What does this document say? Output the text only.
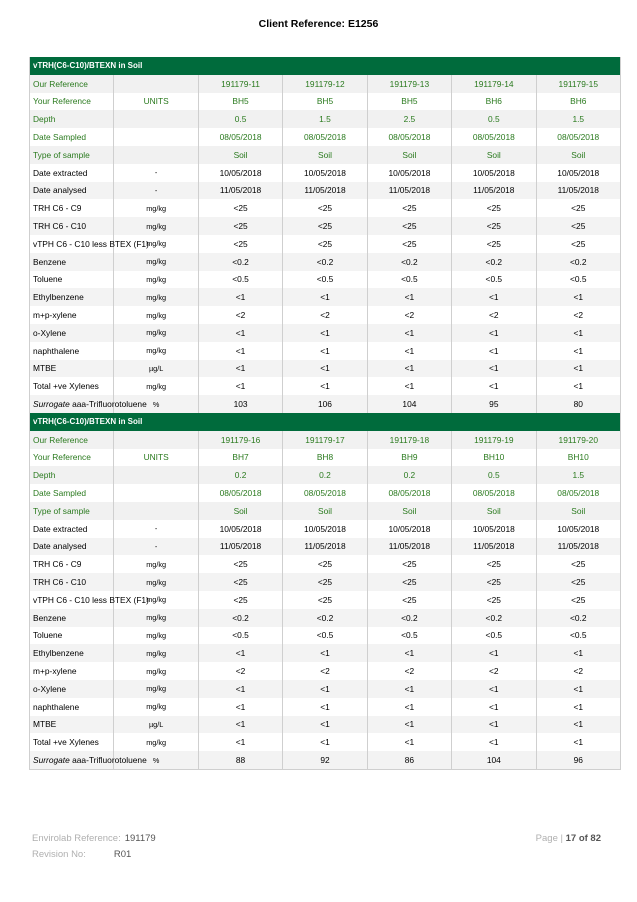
Client Reference: E1256
vTRH(C6-C10)/BTEXN in Soil						
Our Reference		191179-11	191179-12	191179-13	191179-14	191179-15
Your Reference	UNITS	BH5	BH5	BH5	BH6	BH6
Depth		0.5	1.5	2.5	0.5	1.5
Date Sampled		08/05/2018	08/05/2018	08/05/2018	08/05/2018	08/05/2018
Type of sample		Soil	Soil	Soil	Soil	Soil
Date extracted	-	10/05/2018	10/05/2018	10/05/2018	10/05/2018	10/05/2018
Date analysed	-	11/05/2018	11/05/2018	11/05/2018	11/05/2018	11/05/2018
TRH C6 - C9	mg/kg	<25	<25	<25	<25	<25
TRH C6 - C10	mg/kg	<25	<25	<25	<25	<25
vTPH C6 - C10 less BTEX (F1)	mg/kg	<25	<25	<25	<25	<25
Benzene	mg/kg	<0.2	<0.2	<0.2	<0.2	<0.2
Toluene	mg/kg	<0.5	<0.5	<0.5	<0.5	<0.5
Ethylbenzene	mg/kg	<1	<1	<1	<1	<1
m+p-xylene	mg/kg	<2	<2	<2	<2	<2
o-Xylene	mg/kg	<1	<1	<1	<1	<1
naphthalene	mg/kg	<1	<1	<1	<1	<1
MTBE	µg/L	<1	<1	<1	<1	<1
Total +ve Xylenes	mg/kg	<1	<1	<1	<1	<1
Surrogate aaa-Trifluorotoluene	%	103	106	104	95	80
vTRH(C6-C10)/BTEXN in Soil						
Our Reference		191179-16	191179-17	191179-18	191179-19	191179-20
Your Reference	UNITS	BH7	BH8	BH9	BH10	BH10
Depth		0.2	0.2	0.2	0.5	1.5
Date Sampled		08/05/2018	08/05/2018	08/05/2018	08/05/2018	08/05/2018
Type of sample		Soil	Soil	Soil	Soil	Soil
Date extracted	-	10/05/2018	10/05/2018	10/05/2018	10/05/2018	10/05/2018
Date analysed	-	11/05/2018	11/05/2018	11/05/2018	11/05/2018	11/05/2018
TRH C6 - C9	mg/kg	<25	<25	<25	<25	<25
TRH C6 - C10	mg/kg	<25	<25	<25	<25	<25
vTPH C6 - C10 less BTEX (F1)	mg/kg	<25	<25	<25	<25	<25
Benzene	mg/kg	<0.2	<0.2	<0.2	<0.2	<0.2
Toluene	mg/kg	<0.5	<0.5	<0.5	<0.5	<0.5
Ethylbenzene	mg/kg	<1	<1	<1	<1	<1
m+p-xylene	mg/kg	<2	<2	<2	<2	<2
o-Xylene	mg/kg	<1	<1	<1	<1	<1
naphthalene	mg/kg	<1	<1	<1	<1	<1
MTBE	µg/L	<1	<1	<1	<1	<1
Total +ve Xylenes	mg/kg	<1	<1	<1	<1	<1
Surrogate aaa-Trifluorotoluene	%	88	92	86	104	96
Envirolab Reference: 191179
Revision No:	R01
Page | 17 of 82
